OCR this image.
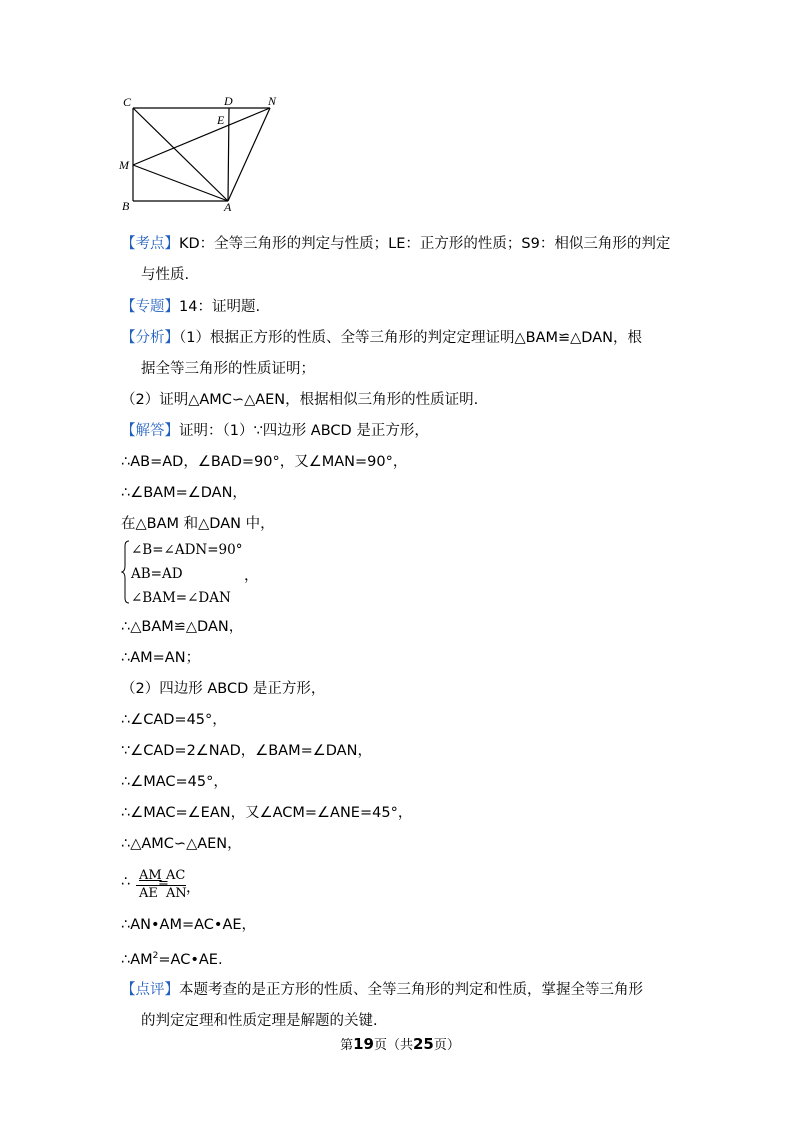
C	D	N
E
M
B	A
【考点】KD：全等三角形的判定与性质；LE：正方形的性质；S9：相似三角形的判定
与性质.
【专题】14：证明题.
【分析】（1）根据正方形的性质、全等三角形的判定定理证明△BAM≌△DAN，根
据全等三角形的性质证明；
（2）证明△AMC∽△AEN，根据相似三角形的性质证明.
【解答】证明：（1）∵四边形 ABCD 是正方形，
∴AB=AD，∠BAD=90°，又∠MAN=90°，
∴∠BAM=∠DAN，
在△BAM 和△DAN 中，
∠B=∠ADN=90°
AB=AD
∠BAM=∠DAN
，
∴△BAM≌△DAN，
∴AM=AN；
（2）四边形 ABCD 是正方形，
∴∠CAD=45°，
∵∠CAD=2∠NAD，∠BAM=∠DAN，
∴∠MAC=45°，
∴∠MAC=∠EAN，又∠ACM=∠ANE=45°，
∴△AMC∽△AEN，
∴ AM
=
AC
AE AN ，
∴AN•AM=AC•AE，
$\therefore AM^2=AC•AE$.
【点评】本题考查的是正方形的性质、全等三角形的判定和性质，掌握全等三角形
的判定定理和性质定理是解题的关键.
第19页（共25页）
